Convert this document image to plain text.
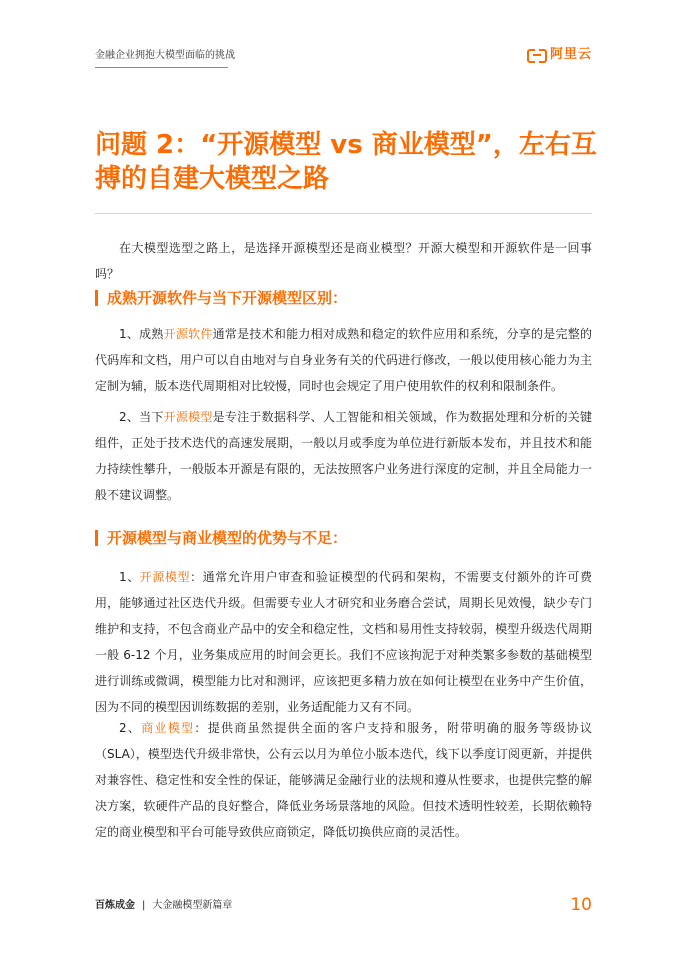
金融企业拥抱大模型面临的挑战	阿里云
问题 2：“开源模型 vs 商业模型”，左右互搏的自建大模型之路

在大模型选型之路上，是选择开源模型还是商业模型？开源大模型和开源软件是一回事吗？

成熟开源软件与当下开源模型区别：

1、成熟开源软件通常是技术和能力相对成熟和稳定的软件应用和系统，分享的是完整的代码库和文档，用户可以自由地对与自身业务有关的代码进行修改，一般以使用核心能力为主定制为辅，版本迭代周期相对比较慢，同时也会规定了用户使用软件的权利和限制条件。

2、当下开源模型是专注于数据科学、人工智能和相关领域，作为数据处理和分析的关键组件，正处于技术迭代的高速发展期，一般以月或季度为单位进行新版本发布，并且技术和能力持续性攀升，一般版本开源是有限的，无法按照客户业务进行深度的定制，并且全局能力一般不建议调整。

开源模型与商业模型的优势与不足：

1、开源模型：通常允许用户审查和验证模型的代码和架构，不需要支付额外的许可费用，能够通过社区迭代升级。但需要专业人才研究和业务磨合尝试，周期长见效慢，缺少专门维护和支持，不包含商业产品中的安全和稳定性，文档和易用性支持较弱，模型升级迭代周期一般 6-12 个月，业务集成应用的时间会更长。我们不应该拘泥于对种类繁多参数的基础模型进行训练或微调，模型能力比对和测评，应该把更多精力放在如何让模型在业务中产生价值，因为不同的模型因训练数据的差别，业务适配能力又有不同。

2、商业模型：提供商虽然提供全面的客户支持和服务，附带明确的服务等级协议（SLA），模型迭代升级非常快，公有云以月为单位小版本迭代，线下以季度订阅更新，并提供对兼容性、稳定性和安全性的保证，能够满足金融行业的法规和遵从性要求，也提供完整的解决方案，软硬件产品的良好整合，降低业务场景落地的风险。但技术透明性较差，长期依赖特定的商业模型和平台可能导致供应商锁定，降低切换供应商的灵活性。

百炼成金 | 大金融模型新篇章	10
